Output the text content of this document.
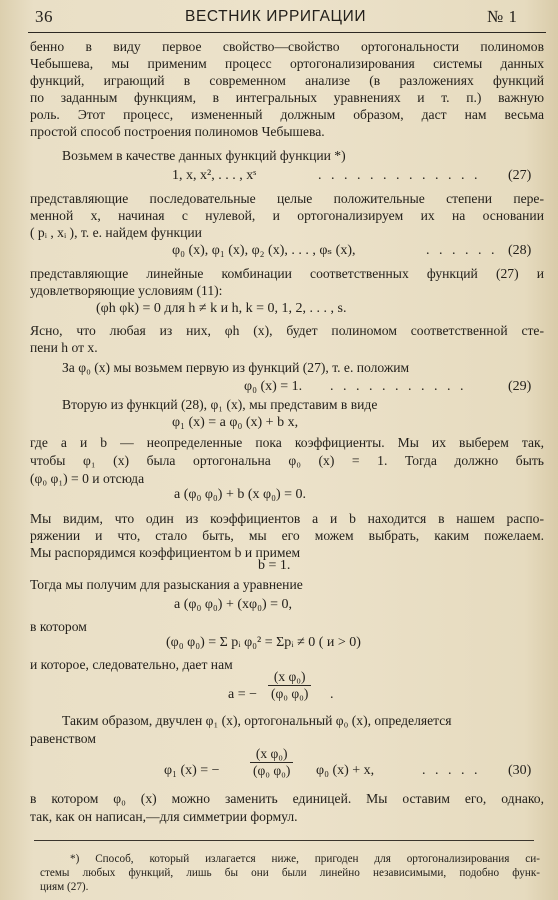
36	ВЕСТНИК ИРРИГАЦИИ	№ 1
бенно в виду первое свойство—свойство ортогональности полиномов
Чебышева, мы применим процесс ортогонализирования системы данных
функций, играющий в современном анализе (в разложениях функций
по заданным функциям, в интегральных уравнениях и т. п.) важную
роль. Этот процесс, измененный должным образом, даст нам весьма
простой способ построения полиномов Чебышева.
Возьмем в качестве данных функций функции *)
1, x, x², . . . , xˢ	. . . . . . . . . . . . . (27)
представляющие последовательные целые положительные степени пере-
менной x, начиная с нулевой, и ортогонализируем их на основании
( pᵢ , xᵢ ), т. е. найдем функции
φ₀ (x), φ₁ (x), φ₂ (x), . . . , φₛ (x),	. . . . . . (28)
представляющие линейные комбинации соответственных функций (27) и
удовлетворяющие условиям (11):
(φh φk) = 0 для h ≠ k и h, k = 0, 1, 2, . . . , s.
Ясно, что любая из них, φh (x), будет полиномом соответственной сте-
пени h от x.
За φ₀ (x) мы возьмем первую из функций (27), т. е. положим
φ₀ (x) = 1. . . . . . . . . . . .	(29)
Вторую из функций (28), φ₁ (x), мы представим в виде
φ₁ (x) = a φ₀ (x) + b x,
где a и b — неопределенные пока коэффициенты. Мы их выберем так,
чтобы φ₁ (x) была ортогональна φ₀ (x) = 1. Тогда должно быть
(φ₀ φ₁) = 0 и отсюда
a (φ₀ φ₀) + b (x φ₀) = 0.
Мы видим, что один из коэффициентов a и b находится в нашем распо-
ряжении и что, стало быть, мы его можем выбрать, каким пожелаем.
Мы распорядимся коэффициентом b и примем
b = 1.
Тогда мы получим для разыскания a уравнение
a (φ₀ φ₀) + (xφ₀) = 0,
в котором
(φ₀ φ₀) = Σ pᵢ φ₀² = Σpᵢ ≠ 0 ( и > 0)
и которое, следовательно, дает нам
a = − $\frac{\text{(x φ₀)}}{\text{(φ₀ φ₀)}}$ .
Таким образом, двучлен φ₁ (x), ортогональный φ₀ (x), определяется
равенством
φ₁ (x) = − $\frac{\text{(x φ₀)}}{\text{(φ₀ φ₀)}} \varphi_0$ (x) + x,	. . . . . (30)
в котором φ₀ (x) можно заменить единицей. Мы оставим его, однако,
так, как он написан,—для симметрии формул.
*) Способ, который излагается ниже, пригоден для ортогонализирования си-
стемы любых функций, лишь бы они были линейно независимыми, подобно функ-
циям (27).
